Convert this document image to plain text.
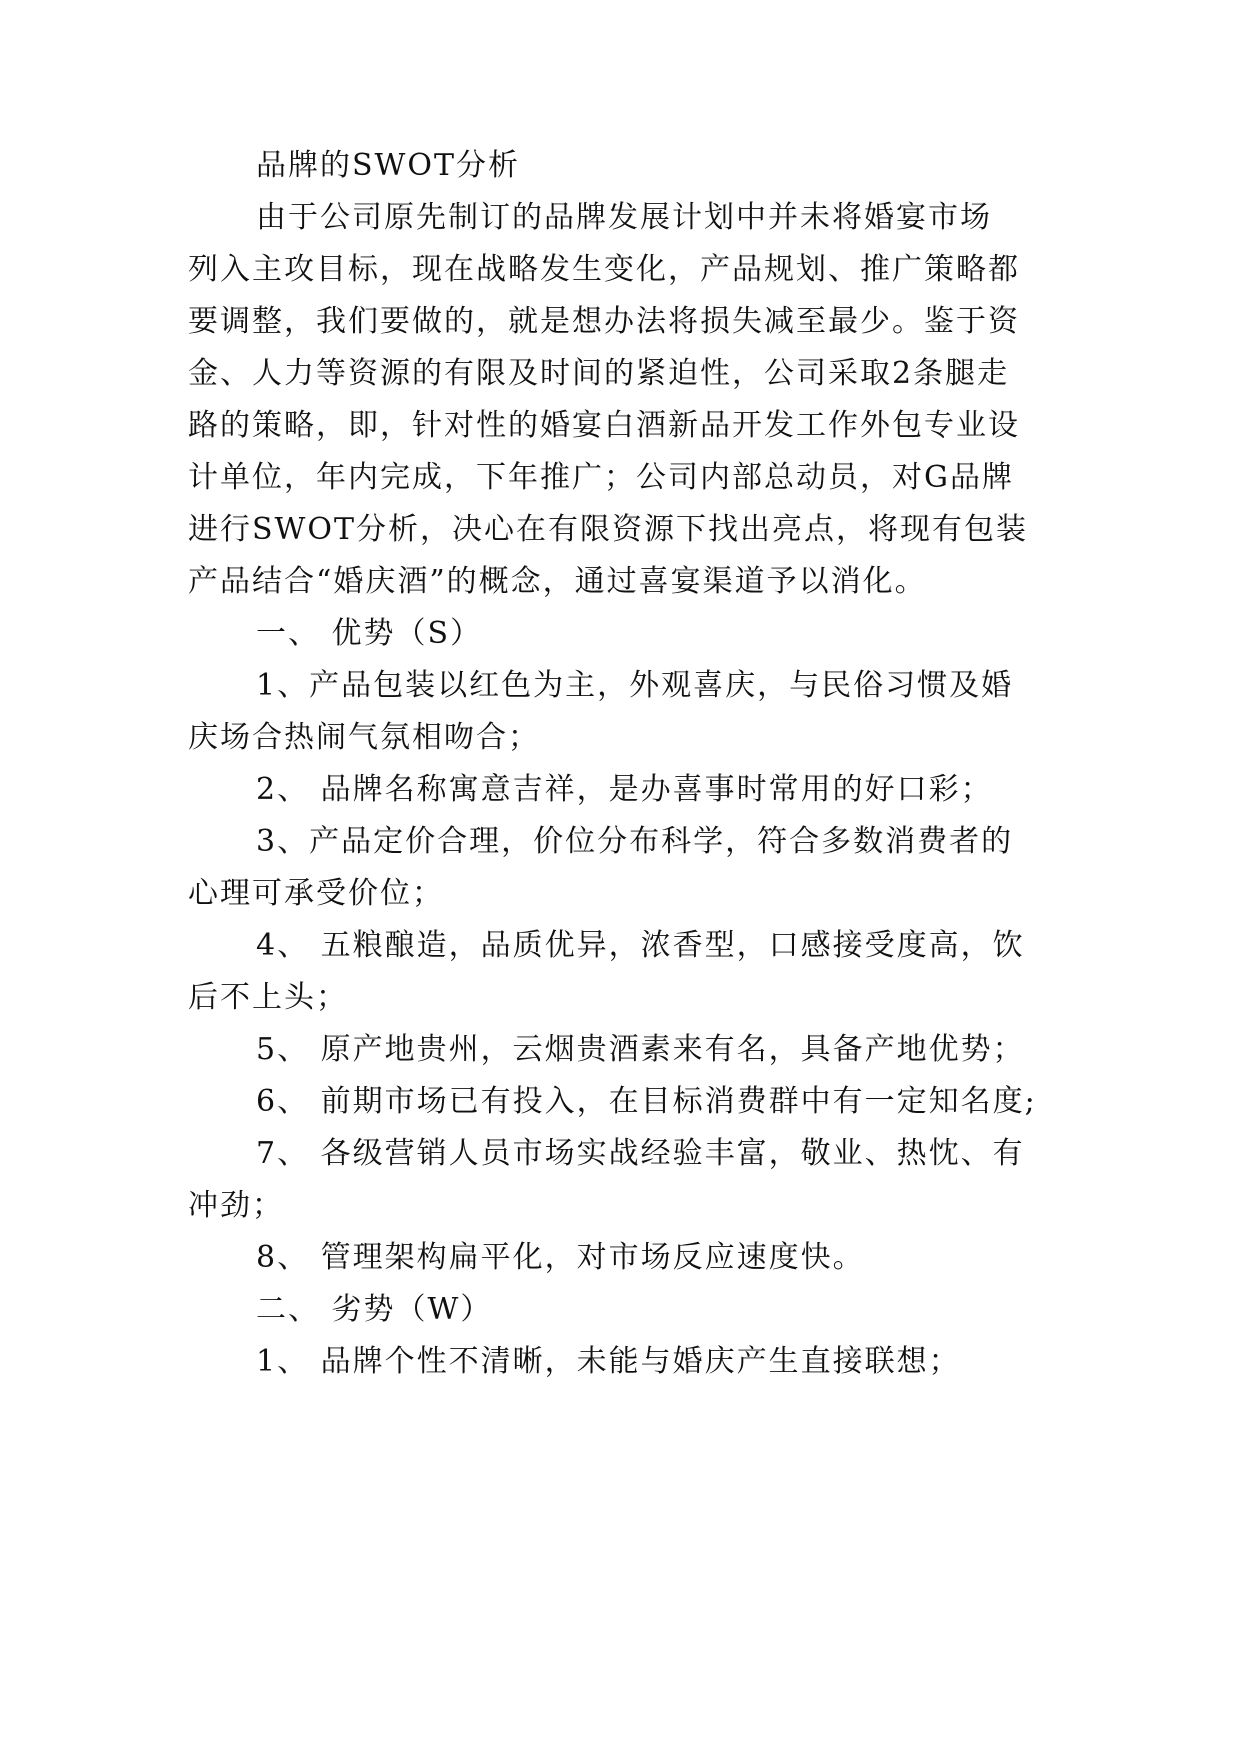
品牌的SWOT分析

由于公司原先制订的品牌发展计划中并未将婚宴市场

列入主攻目标，现在战略发生变化，产品规划、推广策略都

要调整，我们要做的，就是想办法将损失减至最少。鉴于资

金、人力等资源的有限及时间的紧迫性，公司采取2条腿走

路的策略，即，针对性的婚宴白酒新品开发工作外包专业设

计单位，年内完成，下年推广；公司内部总动员，对G品牌

进行SWOT分析，决心在有限资源下找出亮点，将现有包装

产品结合“婚庆酒”的概念，通过喜宴渠道予以消化。

一、 优势（S）

1、产品包装以红色为主，外观喜庆，与民俗习惯及婚

庆场合热闹气氛相吻合；

2、 品牌名称寓意吉祥，是办喜事时常用的好口彩；

3、产品定价合理，价位分布科学，符合多数消费者的

心理可承受价位；

4、 五粮酿造，品质优异，浓香型，口感接受度高，饮

后不上头；

5、 原产地贵州，云烟贵酒素来有名，具备产地优势；

6、 前期市场已有投入，在目标消费群中有一定知名度;

7、 各级营销人员市场实战经验丰富，敬业、热忱、有

冲劲；

8、 管理架构扁平化，对市场反应速度快。

二、 劣势（W）

1、 品牌个性不清晰，未能与婚庆产生直接联想；
